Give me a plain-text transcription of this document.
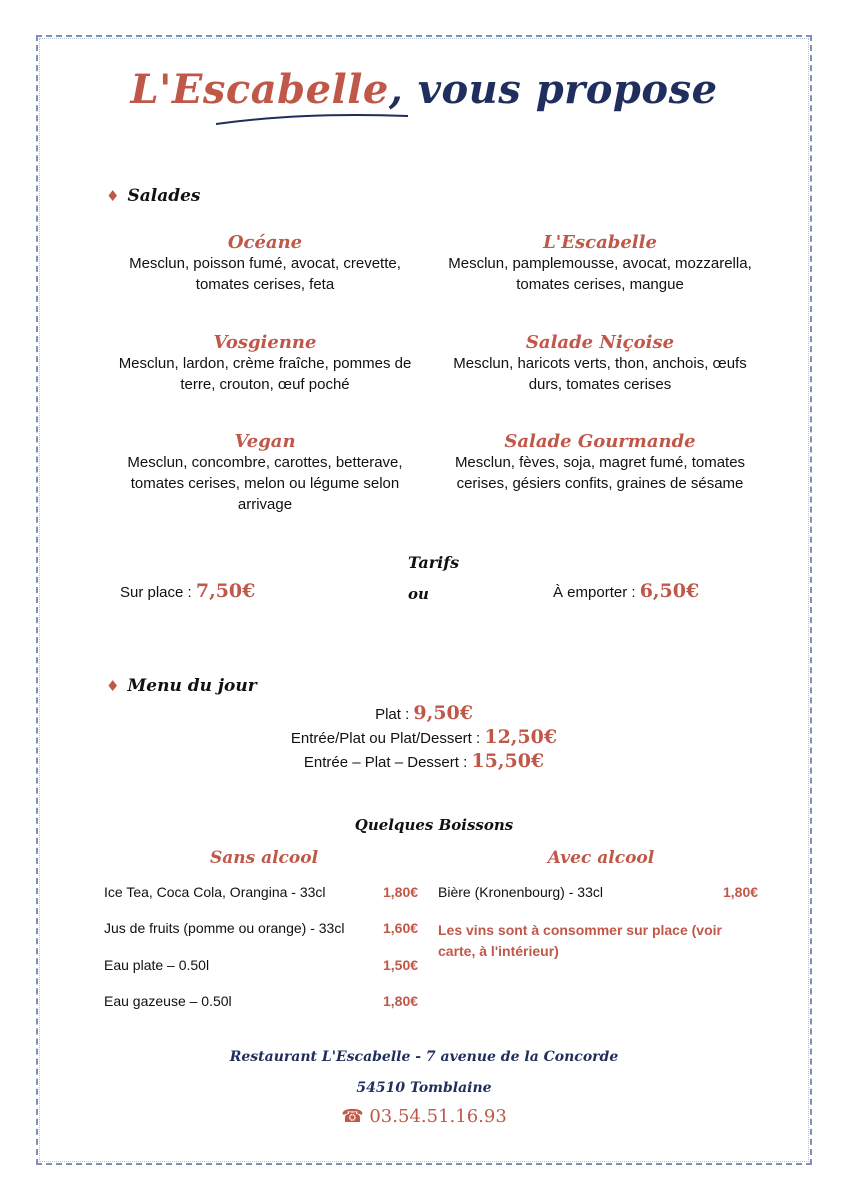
L'Escabelle, vous propose
♦ Salades
Océane
Mesclun, poisson fumé, avocat, crevette,
tomates cerises, feta
L'Escabelle
Mesclun, pamplemousse, avocat, mozzarella,
tomates cerises, mangue
Vosgienne
Mesclun, lardon, crème fraîche, pommes de
terre, crouton, œuf poché
Salade Niçoise
Mesclun, haricots verts, thon, anchois, œufs
durs, tomates cerises
Vegan
Mesclun, concombre, carottes, betterave,
tomates cerises, melon ou légume selon
arrivage
Salade Gourmande
Mesclun, fèves, soja, magret fumé, tomates
cerises, gésiers confits, graines de sésame
Tarifs
ou
Sur place : 7,50€	À emporter : 6,50€
♦ Menu du jour
Plat : 9,50€
Entrée/Plat ou Plat/Dessert : 12,50€
Entrée – Plat – Dessert : 15,50€
Quelques Boissons
Sans alcool	Avec alcool
Ice Tea, Coca Cola, Orangina - 33cl	1,80€
Jus de fruits (pomme ou orange) - 33cl	1,60€
Eau plate – 0.50l	1,50€
Eau gazeuse – 0.50l	1,80€
Bière (Kronenbourg) - 33cl	1,80€
Les vins sont à consommer sur place (voir
carte, à l'intérieur)
Restaurant L'Escabelle - 7 avenue de la Concorde
54510 Tomblaine
☎ 03.54.51.16.93
